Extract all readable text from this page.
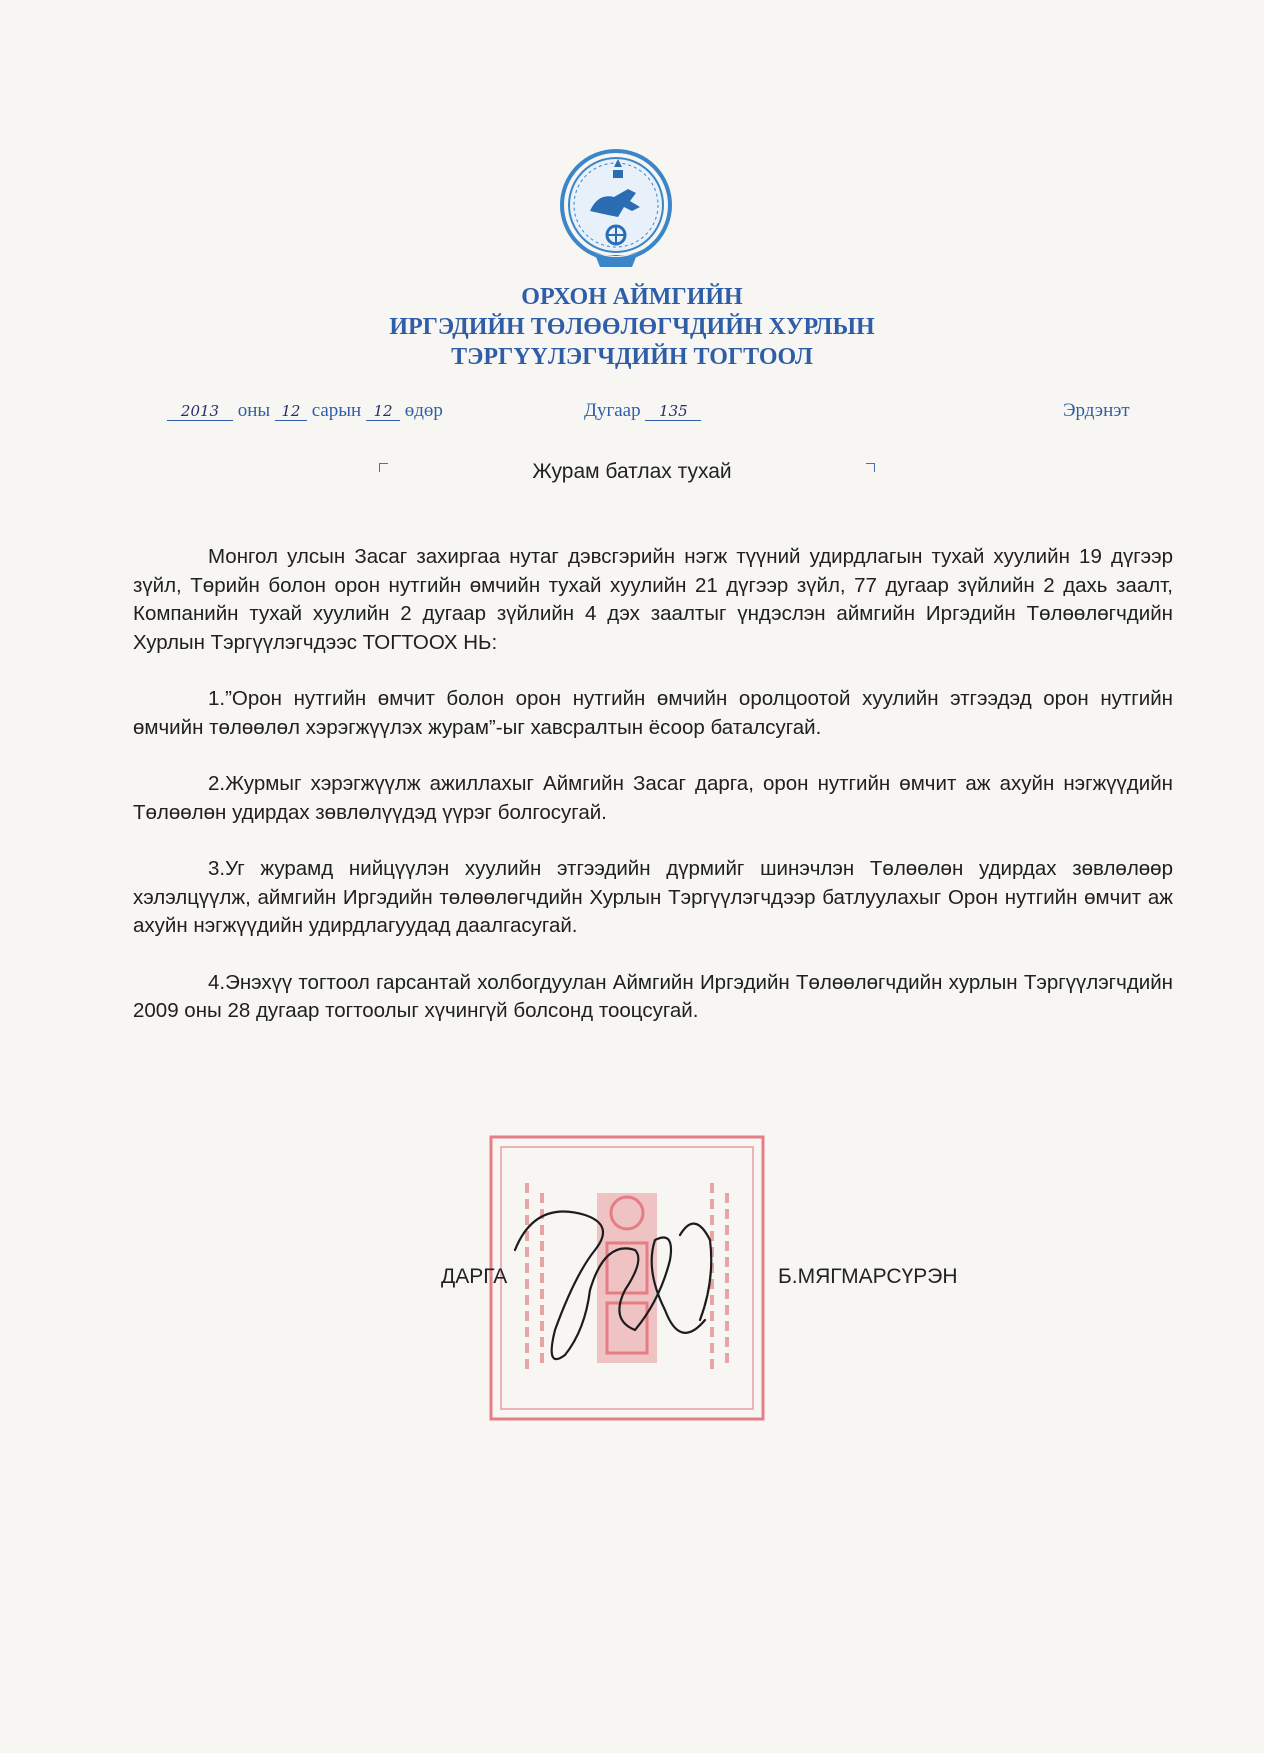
ОРХОН АЙМГИЙН
ИРГЭДИЙН ТӨЛӨӨЛӨГЧДИЙН ХУРЛЫН
ТЭРГҮҮЛЭГЧДИЙН ТОГТООЛ
2013 оны 12 сарын 12 өдөр	Дугаар 135	Эрдэнэт
Журам батлах тухай

Монгол улсын Засаг захиргаа нутаг дэвсгэрийн нэгж түүний удирдлагын тухай хуулийн 19 дүгээр зүйл, Төрийн болон орон нутгийн өмчийн тухай хуулийн 21 дүгээр зүйл, 77 дугаар зүйлийн 2 дахь заалт, Компанийн тухай хуулийн 2 дугаар зүйлийн 4 дэх заалтыг үндэслэн аймгийн Иргэдийн Төлөөлөгчдийн Хурлын Тэргүүлэгчдээс ТОГТООХ НЬ:

1.”Орон нутгийн өмчит болон орон нутгийн өмчийн оролцоотой хуулийн этгээдэд орон нутгийн өмчийн төлөөлөл хэрэгжүүлэх журам”-ыг хавсралтын ёсоор баталсугай.

2.Журмыг хэрэгжүүлж ажиллахыг Аймгийн Засаг дарга, орон нутгийн өмчит аж ахуйн нэгжүүдийн Төлөөлөн удирдах зөвлөлүүдэд үүрэг болгосугай.

3.Уг журамд нийцүүлэн хуулийн этгээдийн дүрмийг шинэчлэн Төлөөлөн удирдах зөвлөлөөр хэлэлцүүлж, аймгийн Иргэдийн төлөөлөгчдийн Хурлын Тэргүүлэгчдээр батлуулахыг Орон нутгийн өмчит аж ахуйн нэгжүүдийн удирдлагуудад даалгасугай.

4.Энэхүү тогтоол гарсантай холбогдуулан Аймгийн Иргэдийн Төлөөлөгчдийн хурлын Тэргүүлэгчдийн 2009 оны 28 дугаар тогтоолыг хүчингүй болсонд тооцсугай.

ДАРГА	Б.МЯГМАРСҮРЭН
